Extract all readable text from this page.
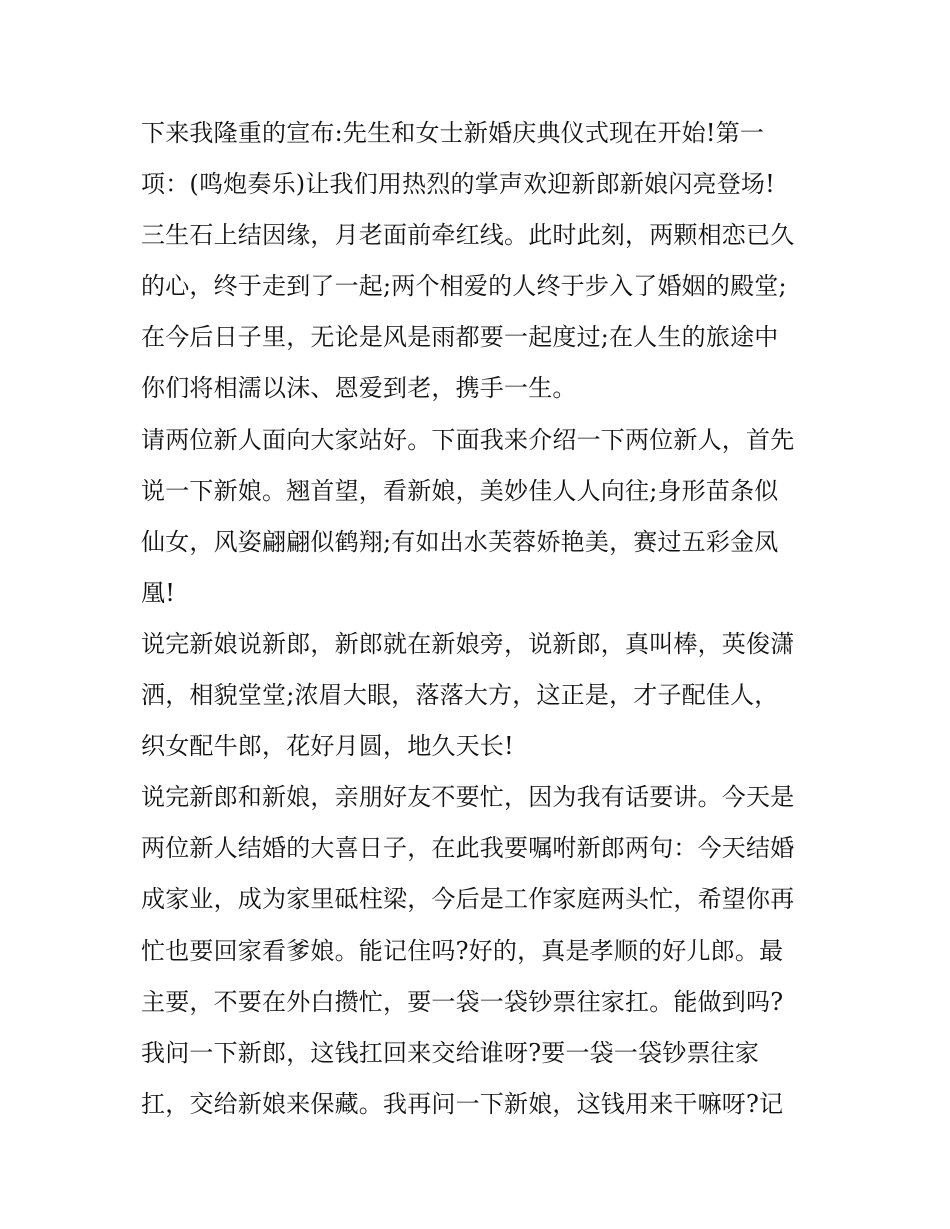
下来我隆重的宣布:先生和女士新婚庆典仪式现在开始!第一
项：(鸣炮奏乐)让我们用热烈的掌声欢迎新郎新娘闪亮登场!
三生石上结因缘，月老面前牵红线。此时此刻，两颗相恋已久
的心，终于走到了一起;两个相爱的人终于步入了婚姻的殿堂;
在今后日子里，无论是风是雨都要一起度过;在人生的旅途中
你们将相濡以沫、恩爱到老，携手一生。
请两位新人面向大家站好。下面我来介绍一下两位新人，首先
说一下新娘。翘首望，看新娘，美妙佳人人向往;身形苗条似
仙女，风姿翩翩似鹤翔;有如出水芙蓉娇艳美，赛过五彩金凤
凰!
说完新娘说新郎，新郎就在新娘旁，说新郎，真叫棒，英俊潇
洒，相貌堂堂;浓眉大眼，落落大方，这正是，才子配佳人，
织女配牛郎，花好月圆，地久天长!
说完新郎和新娘，亲朋好友不要忙，因为我有话要讲。今天是
两位新人结婚的大喜日子，在此我要嘱咐新郎两句：今天结婚
成家业，成为家里砥柱梁，今后是工作家庭两头忙，希望你再
忙也要回家看爹娘。能记住吗?好的，真是孝顺的好儿郎。最
主要，不要在外白攒忙，要一袋一袋钞票往家扛。能做到吗?
我问一下新郎，这钱扛回来交给谁呀?要一袋一袋钞票往家
扛，交给新娘来保藏。我再问一下新娘，这钱用来干嘛呀?记
